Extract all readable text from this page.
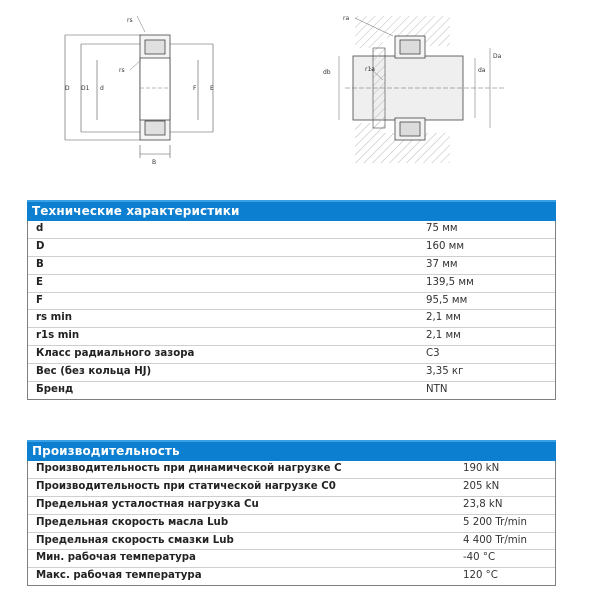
rs
rs
D D1 d	F E
B
ra
r1a
db
Da
da
Технические характеристики
d	75 мм
D	160 мм
B	37 мм
E	139,5 мм
F	95,5 мм
rs min	2,1 мм
r1s min	2,1 мм
Класс радиального зазора	C3
Вес (без кольца HJ)	3,35 кг
Бренд	NTN
Производительность
Производительность при динамической нагрузке C	190 kN
Производительность при статической нагрузке C0	205 kN
Предельная усталостная нагрузка Cu	23,8 kN
Предельная скорость масла Lub	5 200 Tr/min
Предельная скорость смазки Lub	4 400 Tr/min
Мин. рабочая температура	-40 °C
Макс. рабочая температура	120 °C
